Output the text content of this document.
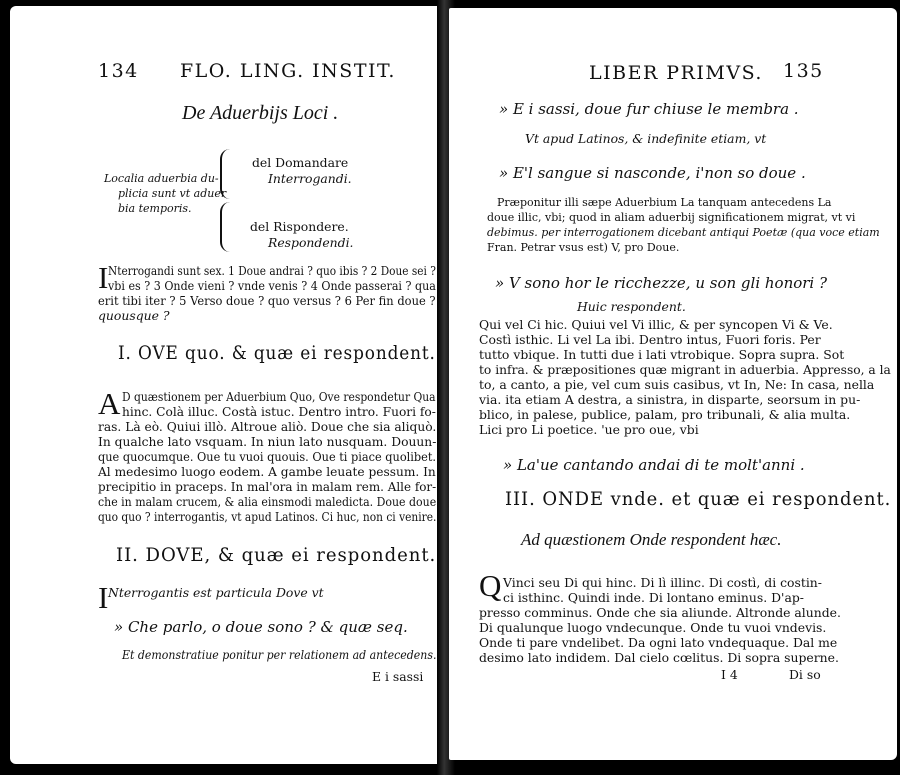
134 FLO. LING. INSTIT.
De Aduerbijs Loci .
Localia aduerbia du-
plicia sunt vt aduer
bia temporis.
del Domandare
Interrogandi.
del Rispondere.
Respondendi.
I Nterrogandi sunt sex. 1 Doue andrai ? quo ibis ? 2 Doue sei ?
vbi es ? 3 Onde vieni ? vnde venis ? 4 Onde passerai ? qua
erit tibi iter ? 5 Verso doue ? quo versus ? 6 Per fin doue ?
quousque ?
I. OVE quo. & quæ ei respondent.
A D quæstionem per Aduerbium Quo, Ove respondetur Qua
hinc. Colà illuc. Costà istuc. Dentro intro. Fuori fo-
ras. Là eò. Quiui illò. Altroue aliò. Doue che sia aliquò.
In qualche lato vsquam. In niun lato nusquam. Douun-
que quocumque. Oue tu vuoi quouis. Oue ti piace quolibet.
Al medesimo luogo eodem. A gambe leuate pessum. In
precipitio in praceps. In mal'ora in malam rem. Alle for-
che in malam crucem, & alia einsmodi maledicta. Doue doue
quo quo ? interrogantis, vt apud Latinos. Ci huc, non ci venire.
II. DOVE, & quæ ei respondent.
I Nterrogantis est particula Dove vt
» Che parlo, o doue sono ? & quæ seq.
Et demonstratiue ponitur per relationem ad antecedens.
E i sassi
LIBER PRIMVS. 135
» E i sassi, doue fur chiuse le membra .
Vt apud Latinos, & indefinite etiam, vt
» E'l sangue si nasconde, i'non so doue .
Præponitur illi sæpe Aduerbium La tanquam antecedens La
doue illic, vbi; quod in aliam aduerbij significationem migrat, vt vi
debimus. per interrogationem dicebant antiqui Poetæ (qua voce etiam
Fran. Petrar vsus est) V, pro Doue.
» V sono hor le ricchezze, u son gli honori ?
Huic respondent.
Qui vel Ci hic. Quiui vel Vi illic, & per syncopen Vi & Ve.
Costì isthic. Li vel La ibi. Dentro intus, Fuori foris. Per
tutto vbique. In tutti due i lati vtrobique. Sopra supra. Sot
to infra. & præpositiones quæ migrant in aduerbia. Appresso, a la
to, a canto, a pie, vel cum suis casibus, vt In, Ne: In casa, nella
via. ita etiam A destra, a sinistra, in disparte, seorsum in pu-
blico, in palese, publice, palam, pro tribunali, & alia multa.
Lici pro Li poetice. 'ue pro oue, vbi
» La'ue cantando andai di te molt'anni .
III. ONDE vnde. et quæ ei respondent.
Ad quæstionem Onde respondent hæc.
Q Vinci seu Di qui hinc. Di lì illinc. Di costì, di costin-
ci isthinc. Quindi inde. Di lontano eminus. D'ap-
presso comminus. Onde che sia aliunde. Altronde alunde.
Di qualunque luogo vndecunque. Onde tu vuoi vndevis.
Onde ti pare vndelibet. Da ogni lato vndequaque. Dal me
desimo lato indidem. Dal cielo cœlitus. Di sopra superne.
I 4	Di so
